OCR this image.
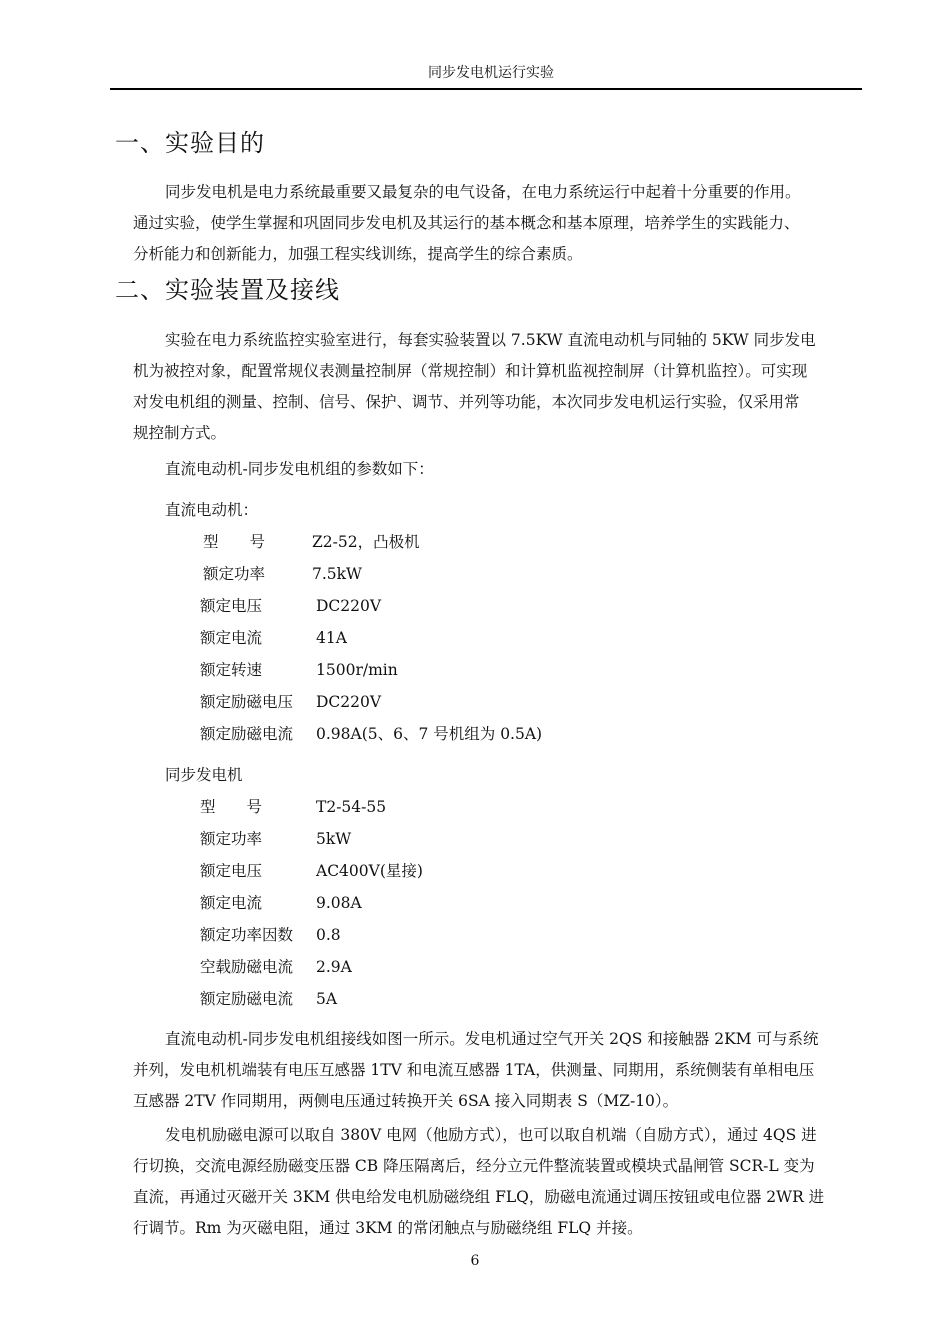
同步发电机运行实验
一、实验目的
同步发电机是电力系统最重要又最复杂的电气设备，在电力系统运行中起着十分重要的作用。
通过实验，使学生掌握和巩固同步发电机及其运行的基本概念和基本原理，培养学生的实践能力、
分析能力和创新能力，加强工程实线训练，提高学生的综合素质。
二、实验装置及接线
实验在电力系统监控实验室进行，每套实验装置以 7.5KW 直流电动机与同轴的 5KW 同步发电
机为被控对象，配置常规仪表测量控制屏（常规控制）和计算机监视控制屏（计算机监控）。可实现
对发电机组的测量、控制、信号、保护、调节、并列等功能，本次同步发电机运行实验，仅采用常
规控制方式。
直流电动机-同步发电机组的参数如下：
直流电动机：
型　　号	Z2-52，凸极机
额定功率	7.5kW
额定电压	DC220V
额定电流	41A
额定转速	1500r/min
额定励磁电压 DC220V
额定励磁电流 0.98A(5、6、7 号机组为 0.5A)
同步发电机
型　　号	T2-54-55
额定功率	5kW
额定电压	AC400V(星接)
额定电流	9.08A
额定功率因数 0.8
空载励磁电流 2.9A
额定励磁电流 5A
直流电动机-同步发电机组接线如图一所示。发电机通过空气开关 2QS 和接触器 2KM 可与系统
并列，发电机机端装有电压互感器 1TV 和电流互感器 1TA，供测量、同期用，系统侧装有单相电压
互感器 2TV 作同期用，两侧电压通过转换开关 6SA 接入同期表 S（MZ-10）。
发电机励磁电源可以取自 380V 电网（他励方式），也可以取自机端（自励方式），通过 4QS 进
行切换，交流电源经励磁变压器 CB 降压隔离后，经分立元件整流装置或模块式晶闸管 SCR-L 变为
直流，再通过灭磁开关 3KM 供电给发电机励磁绕组 FLQ，励磁电流通过调压按钮或电位器 2WR 进
行调节。Rm 为灭磁电阻，通过 3KM 的常闭触点与励磁绕组 FLQ 并接。
6
